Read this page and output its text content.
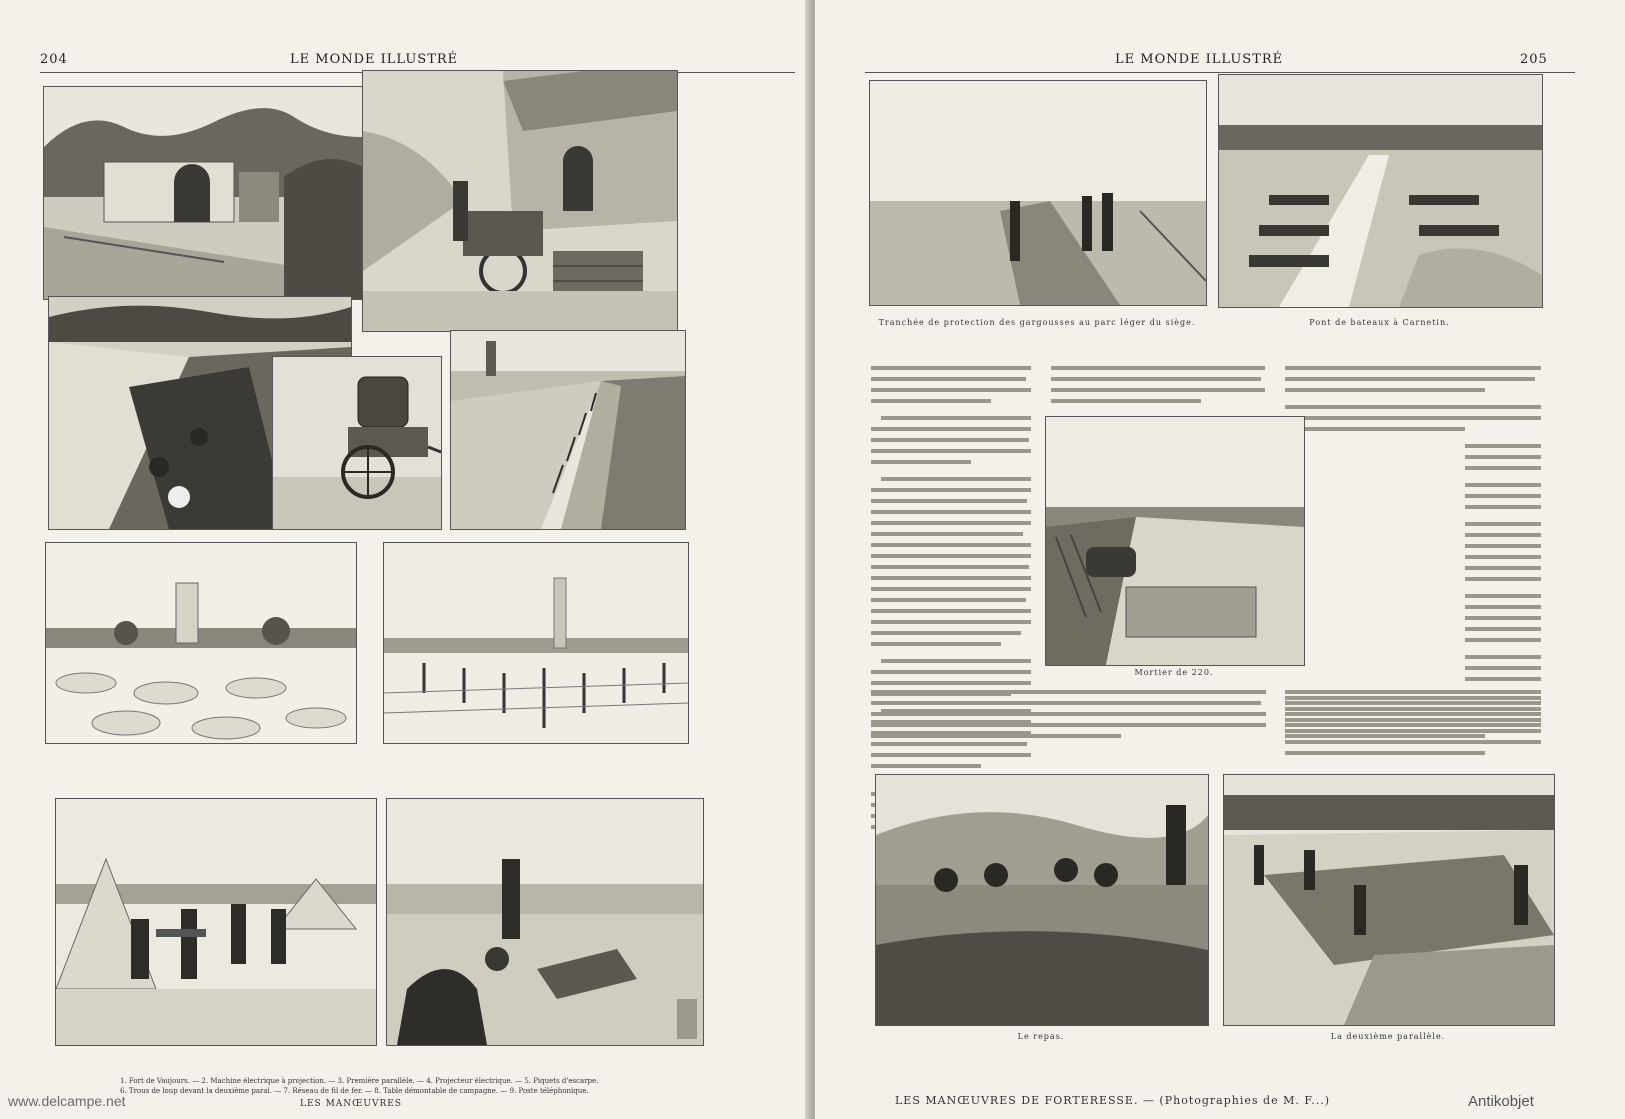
204	LE MONDE ILLUSTRÉ
1. Fort de Vaujours. — 2. Machine électrique à projection. — 3. Première parallèle. — 4. Projecteur électrique. — 5. Piquets d'escarpe.
6. Trous de loup devant la deuxième paral. — 7. Réseau de fil de fer. — 8. Table démontable de campagne. — 9. Poste téléphonique.
LES MANŒUVRES
LE MONDE ILLUSTRÉ	205
Tranchée de protection des gargousses au parc léger du siège.	Pont de bateaux à Carnetin.
Mortier de 220.
Le repas.	La deuxième parallèle.
LES MANŒUVRES DE FORTERESSE. — (Photographies de M. F...)
www.delcampe.net	Antikobjet
